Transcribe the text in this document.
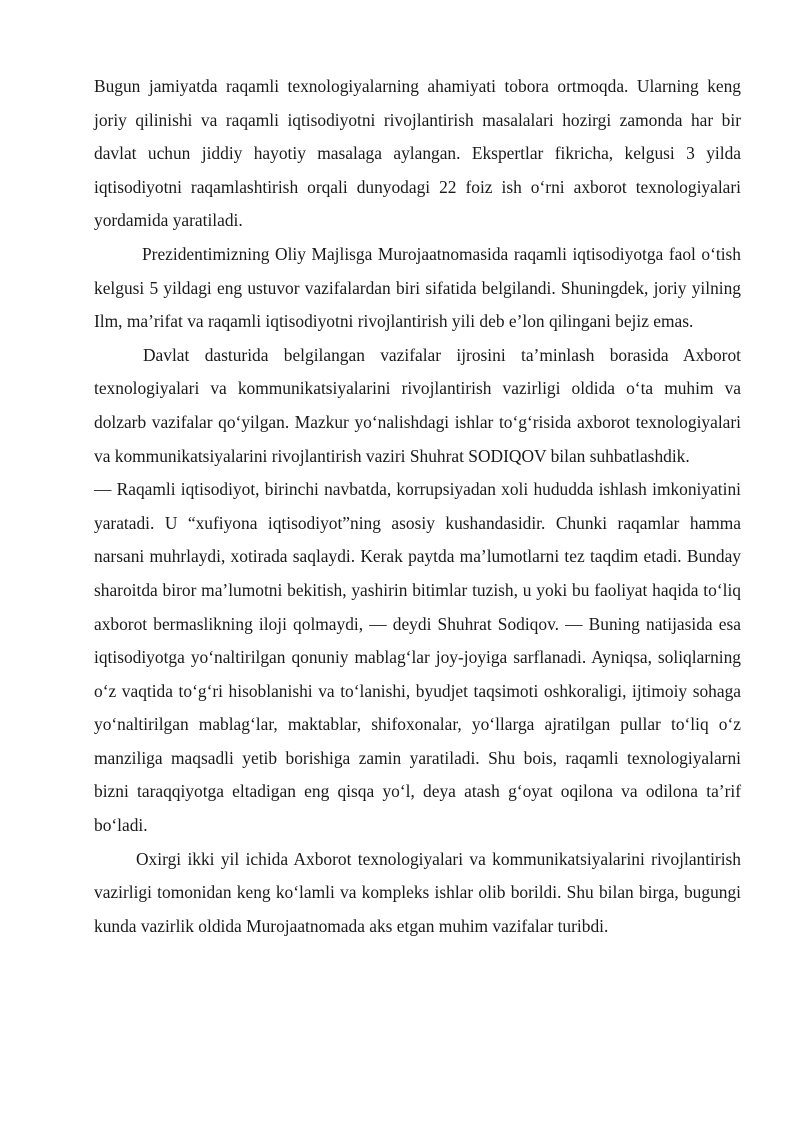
Bugun jamiyatda raqamli texnologiyalarning ahamiyati tobora ortmoqda. Ularning keng joriy qilinishi va raqamli iqtisodiyotni rivojlantirish masalalari hozirgi zamonda har bir davlat uchun jiddiy hayotiy masalaga aylangan. Ekspertlar fikricha, kelgusi 3 yilda iqtisodiyotni raqamlashtirish orqali dunyodagi 22 foiz ish o‘rni axborot texnologiyalari yordamida yaratiladi.

Prezidentimizning Oliy Majlisga Murojaatnomasida raqamli iqtisodiyotga faol o‘tish kelgusi 5 yildagi eng ustuvor vazifalardan biri sifatida belgilandi. Shuningdek, joriy yilning Ilm, ma’rifat va raqamli iqtisodiyotni rivojlantirish yili deb e’lon qilingani bejiz emas.

Davlat dasturida belgilangan vazifalar ijrosini ta’minlash borasida Axborot texnologiyalari va kommunikatsiyalarini rivojlantirish vazirligi oldida o‘ta muhim va dolzarb vazifalar qo‘yilgan. Mazkur yo‘nalishdagi ishlar to‘g‘risida axborot texnologiyalari va kommunikatsiyalarini rivojlantirish vaziri Shuhrat SODIQOV bilan suhbatlashdik.

— Raqamli iqtisodiyot, birinchi navbatda, korrupsiyadan xoli hududda ishlash imkoniyatini yaratadi. U “xufiyona iqtisodiyot”ning asosiy kushandasidir. Chunki raqamlar hamma narsani muhrlaydi, xotirada saqlaydi. Kerak paytda ma’lumotlarni tez taqdim etadi. Bunday sharoitda biror ma’lumotni bekitish, yashirin bitimlar tuzish, u yoki bu faoliyat haqida to‘liq axborot bermaslikning iloji qolmaydi, — deydi Shuhrat Sodiqov. — Buning natijasida esa iqtisodiyotga yo‘naltirilgan qonuniy mablag‘lar joy-joyiga sarflanadi. Ayniqsa, soliqlarning o‘z vaqtida to‘g‘ri hisoblanishi va to‘lanishi, byudjet taqsimoti oshkoraligi, ijtimoiy sohaga yo‘naltirilgan mablag‘lar, maktablar, shifoxonalar, yo‘llarga ajratilgan pullar to‘liq o‘z manziliga maqsadli yetib borishiga zamin yaratiladi. Shu bois, raqamli texnologiyalarni bizni taraqqiyotga eltadigan eng qisqa yo‘l, deya atash g‘oyat oqilona va odilona ta’rif bo‘ladi.

Oxirgi ikki yil ichida Axborot texnologiyalari va kommunikatsiyalarini rivojlantirish vazirligi tomonidan keng ko‘lamli va kompleks ishlar olib borildi. Shu bilan birga, bugungi kunda vazirlik oldida Murojaatnomada aks etgan muhim vazifalar turibdi.
